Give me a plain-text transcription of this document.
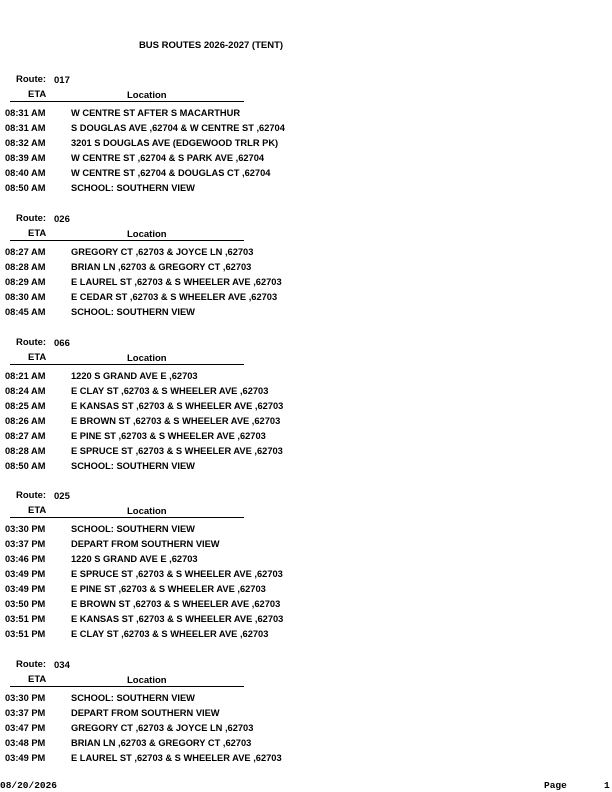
BUS ROUTES 2026-2027 (TENT)
Route: 017
ETA	Location
08:31 AM	W CENTRE ST AFTER S MACARTHUR
08:31 AM	S DOUGLAS AVE ,62704 & W CENTRE ST ,62704
08:32 AM	3201 S DOUGLAS AVE (EDGEWOOD TRLR PK)
08:39 AM	W CENTRE ST ,62704 & S PARK AVE ,62704
08:40 AM	W CENTRE ST ,62704 & DOUGLAS CT ,62704
08:50 AM	SCHOOL: SOUTHERN VIEW
Route: 026
ETA	Location
08:27 AM	GREGORY CT ,62703 & JOYCE LN ,62703
08:28 AM	BRIAN LN ,62703 & GREGORY CT ,62703
08:29 AM	E LAUREL ST ,62703 & S WHEELER AVE ,62703
08:30 AM	E CEDAR ST ,62703 & S WHEELER AVE ,62703
08:45 AM	SCHOOL: SOUTHERN VIEW
Route: 066
ETA	Location
08:21 AM	1220 S GRAND AVE E ,62703
08:24 AM	E CLAY ST ,62703 & S WHEELER AVE ,62703
08:25 AM	E KANSAS ST ,62703 & S WHEELER AVE ,62703
08:26 AM	E BROWN ST ,62703 & S WHEELER AVE ,62703
08:27 AM	E PINE ST ,62703 & S WHEELER AVE ,62703
08:28 AM	E SPRUCE ST ,62703 & S WHEELER AVE ,62703
08:50 AM	SCHOOL: SOUTHERN VIEW
Route: 025
ETA	Location
03:30 PM	SCHOOL: SOUTHERN VIEW
03:37 PM	DEPART FROM SOUTHERN VIEW
03:46 PM	1220 S GRAND AVE E ,62703
03:49 PM	E SPRUCE ST ,62703 & S WHEELER AVE ,62703
03:49 PM	E PINE ST ,62703 & S WHEELER AVE ,62703
03:50 PM	E BROWN ST ,62703 & S WHEELER AVE ,62703
03:51 PM	E KANSAS ST ,62703 & S WHEELER AVE ,62703
03:51 PM	E CLAY ST ,62703 & S WHEELER AVE ,62703
Route: 034
ETA	Location
03:30 PM	SCHOOL: SOUTHERN VIEW
03:37 PM	DEPART FROM SOUTHERN VIEW
03:47 PM	GREGORY CT ,62703 & JOYCE LN ,62703
03:48 PM	BRIAN LN ,62703 & GREGORY CT ,62703
03:49 PM	E LAUREL ST ,62703 & S WHEELER AVE ,62703
08/20/2026	Page	1
